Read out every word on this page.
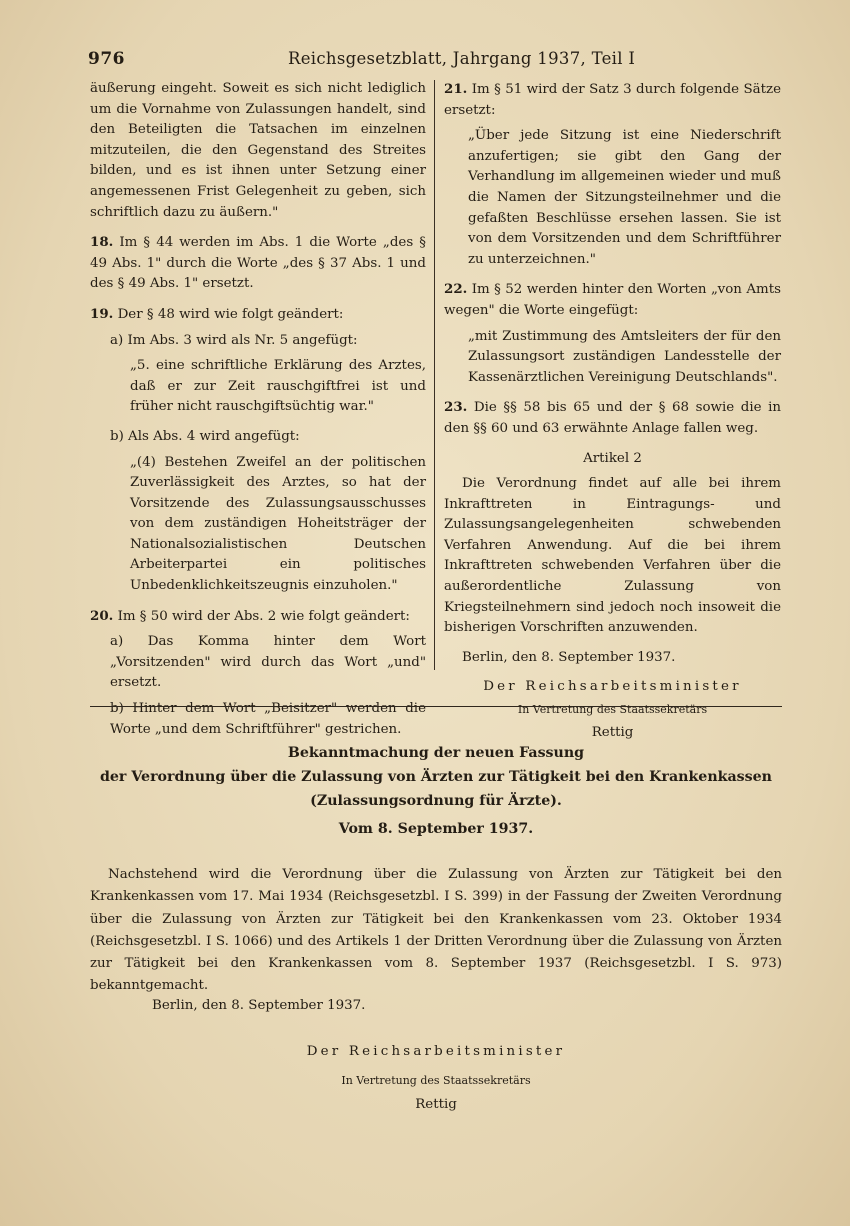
976	Reichsgesetzblatt, Jahrgang 1937, Teil I

äußerung eingeht. Soweit es sich nicht lediglich um die Vornahme von Zulassungen handelt, sind den Beteiligten die Tatsachen im einzelnen mitzuteilen, die den Gegenstand des Streites bilden, und es ist ihnen unter Setzung einer angemessenen Frist Gelegenheit zu geben, sich schriftlich dazu zu äußern."

18. Im § 44 werden im Abs. 1 die Worte „des § 49 Abs. 1" durch die Worte „des § 37 Abs. 1 und des § 49 Abs. 1" ersetzt.

19. Der § 48 wird wie folgt geändert:

a) Im Abs. 3 wird als Nr. 5 angefügt:

„5. eine schriftliche Erklärung des Arztes, daß er zur Zeit rauschgiftfrei ist und früher nicht rauschgiftsüchtig war."

b) Als Abs. 4 wird angefügt:

„(4) Bestehen Zweifel an der politischen Zuverlässigkeit des Arztes, so hat der Vorsitzende des Zulassungsausschusses von dem zuständigen Hoheitsträger der Nationalsozialistischen Deutschen Arbeiterpartei ein politisches Unbedenklichkeitszeugnis einzuholen."

20. Im § 50 wird der Abs. 2 wie folgt geändert:

a) Das Komma hinter dem Wort „Vorsitzenden" wird durch das Wort „und" ersetzt.

b) Hinter dem Wort „Beisitzer" werden die Worte „und dem Schriftführer" gestrichen.

21. Im § 51 wird der Satz 3 durch folgende Sätze ersetzt:

„Über jede Sitzung ist eine Niederschrift anzufertigen; sie gibt den Gang der Verhandlung im allgemeinen wieder und muß die Namen der Sitzungsteilnehmer und die gefaßten Beschlüsse ersehen lassen. Sie ist von dem Vorsitzenden und dem Schriftführer zu unterzeichnen."

22. Im § 52 werden hinter den Worten „von Amts wegen" die Worte eingefügt:

„mit Zustimmung des Amtsleiters der für den Zulassungsort zuständigen Landesstelle der Kassenärztlichen Vereinigung Deutschlands".

23. Die §§ 58 bis 65 und der § 68 sowie die in den §§ 60 und 63 erwähnte Anlage fallen weg.

Artikel 2

Die Verordnung findet auf alle bei ihrem Inkrafttreten in Eintragungs- und Zulassungsangelegenheiten schwebenden Verfahren Anwendung. Auf die bei ihrem Inkrafttreten schwebenden Verfahren über die außerordentliche Zulassung von Kriegsteilnehmern sind jedoch noch insoweit die bisherigen Vorschriften anzuwenden.

Berlin, den 8. September 1937.

Der Reichsarbeitsminister
In Vertretung des Staatssekretärs
Rettig
Bekanntmachung der neuen Fassung
der Verordnung über die Zulassung von Ärzten zur Tätigkeit bei den Krankenkassen
(Zulassungsordnung für Ärzte).
Vom 8. September 1937.
Nachstehend wird die Verordnung über die Zulassung von Ärzten zur Tätigkeit bei den Krankenkassen vom 17. Mai 1934 (Reichsgesetzbl. I S. 399) in der Fassung der Zweiten Verordnung über die Zulassung von Ärzten zur Tätigkeit bei den Krankenkassen vom 23. Oktober 1934 (Reichsgesetzbl. I S. 1066) und des Artikels 1 der Dritten Verordnung über die Zulassung von Ärzten zur Tätigkeit bei den Krankenkassen vom 8. September 1937 (Reichsgesetzbl. I S. 973) bekanntgemacht.
Berlin, den 8. September 1937.
Der Reichsarbeitsminister
In Vertretung des Staatssekretärs
Rettig
